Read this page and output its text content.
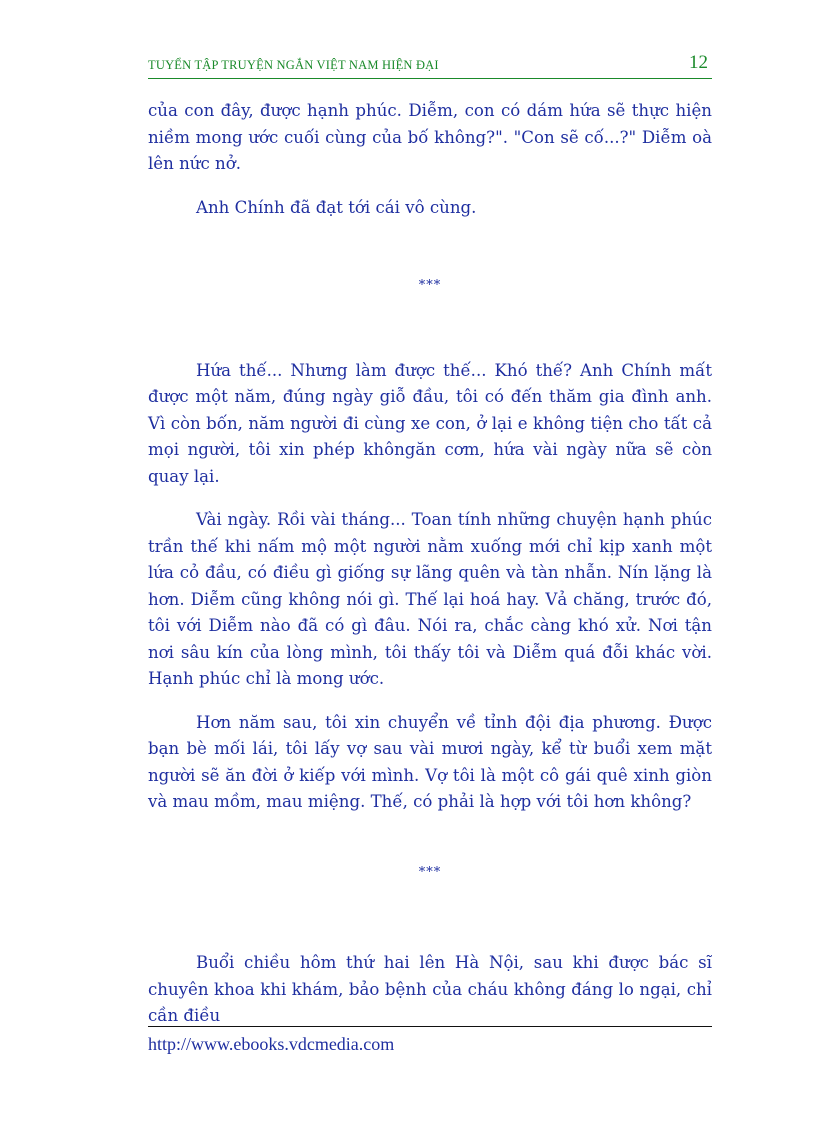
TUYỂN TẬP TRUYỆN NGẮN VIỆT NAM HIỆN ĐẠI	12

của con đây, được hạnh phúc. Diễm, con có dám hứa sẽ thực hiện niềm mong ước cuối cùng của bố không?". "Con sẽ cố...?" Diễm oà lên nức nở.

Anh Chính đã đạt tới cái vô cùng.

***

Hứa thế... Nhưng làm được thế... Khó thế? Anh Chính mất được một năm, đúng ngày giỗ đầu, tôi có đến thăm gia đình anh. Vì còn bốn, năm người đi cùng xe con, ở lại e không tiện cho tất cả mọi người, tôi xin phép khôngăn cơm, hứa vài ngày nữa sẽ còn quay lại.

Vài ngày. Rồi vài tháng... Toan tính những chuyện hạnh phúc trần thế khi nấm mộ một người nằm xuống mới chỉ kịp xanh một lứa cỏ đầu, có điều gì giống sự lãng quên và tàn nhẫn. Nín lặng là hơn. Diễm cũng không nói gì. Thế lại hoá hay. Vả chăng, trước đó, tôi với Diễm nào đã có gì đâu. Nói ra, chắc càng khó xử. Nơi tận nơi sâu kín của lòng mình, tôi thấy tôi và Diễm quá đỗi khác vời. Hạnh phúc chỉ là mong ước.

Hơn năm sau, tôi xin chuyển về tỉnh đội địa phương. Được bạn bè mối lái, tôi lấy vợ sau vài mươi ngày, kể từ buổi xem mặt người sẽ ăn đời ở kiếp với mình. Vợ tôi là một cô gái quê xinh giòn và mau mồm, mau miệng. Thế, có phải là hợp với tôi hơn không?

***

Buổi chiều hôm thứ hai lên Hà Nội, sau khi được bác sĩ chuyên khoa khi khám, bảo bệnh của cháu không đáng lo ngại, chỉ cần điều

http://www.ebooks.vdcmedia.com
